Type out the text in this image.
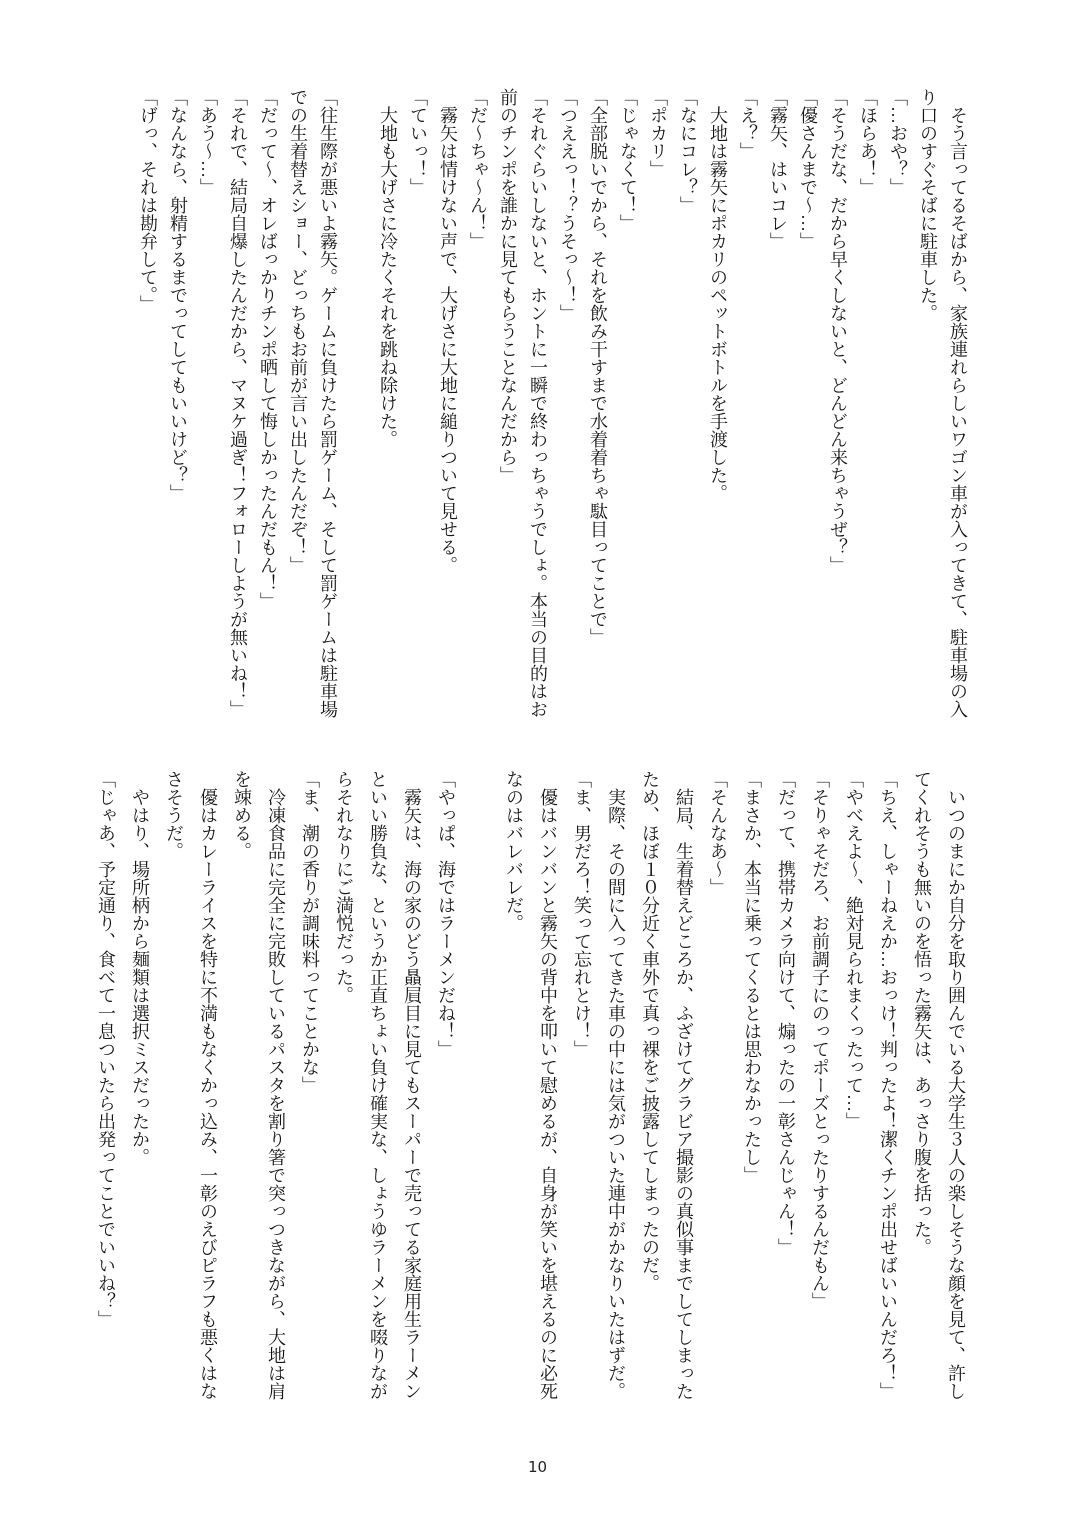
そう言ってるそばから、家族連れらしいワゴン車が入ってきて、駐車場の入り口のすぐそばに駐車した。

「…おや？」

「ほらあ！」

「そうだな、だから早くしないと、どんどん来ちゃうぜ？」

「優さんまで〜…」

「霧矢、はいコレ」

「え？」

大地は霧矢にポカリのペットボトルを手渡した。

「なにコレ？」

「ポカリ」

「じゃなくて！」

「全部脱いでから、それを飲み干すまで水着着ちゃ駄目ってことで」

「つええっ！？うそっ〜！」

「それぐらいしないと、ホントに一瞬で終わっちゃうでしょ。本当の目的はお前のチンポを誰かに見てもらうことなんだから」

「だ〜ちゃ〜ん！」

霧矢は情けない声で、大げさに大地に縋りついて見せる。

「ていっ！」

大地も大げさに冷たくそれを跳ね除けた。

「往生際が悪いよ霧矢。ゲームに負けたら罰ゲーム、そして罰ゲームは駐車場での生着替えショー、どっちもお前が言い出したんだぞ！」

「だって〜、オレばっかりチンポ晒して悔しかったんだもん！」

「それで、結局自爆したんだから、マヌケ過ぎ！フォローしようが無いね！」

「あう〜…」

「なんなら、射精するまでってしてもいいけど？」

「げっ、それは勘弁して。」

いつのまにか自分を取り囲んでいる大学生３人の楽しそうな顔を見て、許してくれそうも無いのを悟った霧矢は、あっさり腹を括った。

「ちえ、しゃーねえか…おっけ！判ったよ！潔くチンポ出せばいいんだろ！」

「やべえよ〜、絶対見られまくったって…」

「そりゃそだろ、お前調子にのってポーズとったりするんだもん」

「だって、携帯カメラ向けて、煽ったの一彰さんじゃん！」

「まさか、本当に乗ってくるとは思わなかったし」

「そんなあ〜」

結局、生着替えどころか、ふざけてグラビア撮影の真似事までしてしまったため、ほぼ１０分近く車外で真っ裸をご披露してしまったのだ。

実際、その間に入ってきた車の中には気がついた連中がかなりいたはずだ。

「ま、男だろ！笑って忘れとけ！」

優はバンバンと霧矢の背中を叩いて慰めるが、自身が笑いを堪えるのに必死なのはバレバレだ。

「やっぱ、海ではラーメンだね！」

霧矢は、海の家のどう贔屓目に見てもスーパーで売ってる家庭用生ラーメンといい勝負な、というか正直ちょい負け確実な、しょうゆラーメンを啜りながらそれなりにご満悦だった。

「ま、潮の香りが調味料ってことかな」

冷凍食品に完全に完敗しているパスタを割り箸で突っつきながら、大地は肩を竦める。

優はカレーライスを特に不満もなくかっ込み、一彰のえびピラフも悪くはなさそうだ。

やはり、場所柄から麺類は選択ミスだったか。

「じゃあ、予定通り、食べて一息ついたら出発ってことでいいね？」

10
